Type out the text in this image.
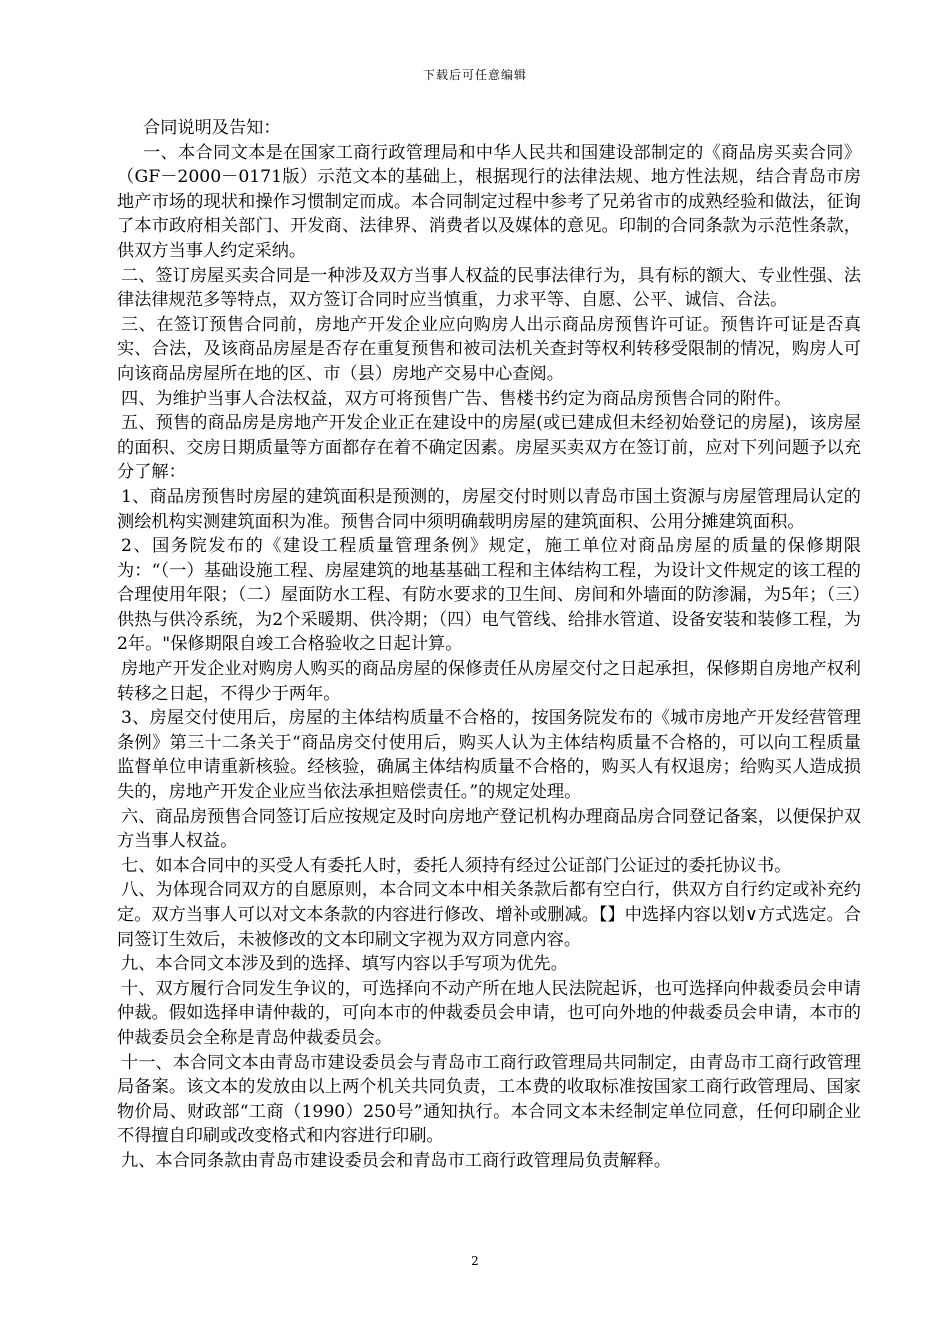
下载后可任意编辑

合同说明及告知：

一、本合同文本是在国家工商行政管理局和中华人民共和国建设部制定的《商品房买卖合同》（GF－2000－0171版）示范文本的基础上，根据现行的法律法规、地方性法规，结合青岛市房地产市场的现状和操作习惯制定而成。本合同制定过程中参考了兄弟省市的成熟经验和做法，征询了本市政府相关部门、开发商、法律界、消费者以及媒体的意见。印制的合同条款为示范性条款，供双方当事人约定采纳。

二、签订房屋买卖合同是一种涉及双方当事人权益的民事法律行为，具有标的额大、专业性强、法律法律规范多等特点，双方签订合同时应当慎重，力求平等、自愿、公平、诚信、合法。

三、在签订预售合同前，房地产开发企业应向购房人出示商品房预售许可证。预售许可证是否真实、合法，及该商品房屋是否存在重复预售和被司法机关查封等权利转移受限制的情况，购房人可向该商品房屋所在地的区、市（县）房地产交易中心查阅。

四、为维护当事人合法权益，双方可将预售广告、售楼书约定为商品房预售合同的附件。

五、预售的商品房是房地产开发企业正在建设中的房屋(或已建成但未经初始登记的房屋)，该房屋的面积、交房日期质量等方面都存在着不确定因素。房屋买卖双方在签订前，应对下列问题予以充分了解：

1、商品房预售时房屋的建筑面积是预测的，房屋交付时则以青岛市国土资源与房屋管理局认定的测绘机构实测建筑面积为准。预售合同中须明确载明房屋的建筑面积、公用分摊建筑面积。

2、国务院发布的《建设工程质量管理条例》规定，施工单位对商品房屋的质量的保修期限为：“（一）基础设施工程、房屋建筑的地基基础工程和主体结构工程，为设计文件规定的该工程的合理使用年限；（二）屋面防水工程、有防水要求的卫生间、房间和外墙面的防渗漏，为5年；（三）供热与供冷系统，为2个采暖期、供冷期；（四）电气管线、给排水管道、设备安装和装修工程，为2年。"保修期限自竣工合格验收之日起计算。

房地产开发企业对购房人购买的商品房屋的保修责任从房屋交付之日起承担，保修期自房地产权利转移之日起，不得少于两年。

3、房屋交付使用后，房屋的主体结构质量不合格的，按国务院发布的《城市房地产开发经营管理条例》第三十二条关于“商品房交付使用后，购买人认为主体结构质量不合格的，可以向工程质量监督单位申请重新核验。经核验，确属主体结构质量不合格的，购买人有权退房；给购买人造成损失的，房地产开发企业应当依法承担赔偿责任。”的规定处理。

六、商品房预售合同签订后应按规定及时向房地产登记机构办理商品房合同登记备案，以便保护双方当事人权益。

七、如本合同中的买受人有委托人时，委托人须持有经过公证部门公证过的委托协议书。

八、为体现合同双方的自愿原则，本合同文本中相关条款后都有空白行，供双方自行约定或补充约定。双方当事人可以对文本条款的内容进行修改、增补或删减。【】中选择内容以划∨方式选定。合同签订生效后，未被修改的文本印刷文字视为双方同意内容。

九、本合同文本涉及到的选择、填写内容以手写项为优先。

十、双方履行合同发生争议的，可选择向不动产所在地人民法院起诉，也可选择向仲裁委员会申请仲裁。假如选择申请仲裁的，可向本市的仲裁委员会申请，也可向外地的仲裁委员会申请，本市的仲裁委员会全称是青岛仲裁委员会。

十一、本合同文本由青岛市建设委员会与青岛市工商行政管理局共同制定，由青岛市工商行政管理局备案。该文本的发放由以上两个机关共同负责，工本费的收取标准按国家工商行政管理局、国家物价局、财政部“工商（1990）250号”通知执行。本合同文本未经制定单位同意，任何印刷企业不得擅自印刷或改变格式和内容进行印刷。

九、本合同条款由青岛市建设委员会和青岛市工商行政管理局负责解释。

2
